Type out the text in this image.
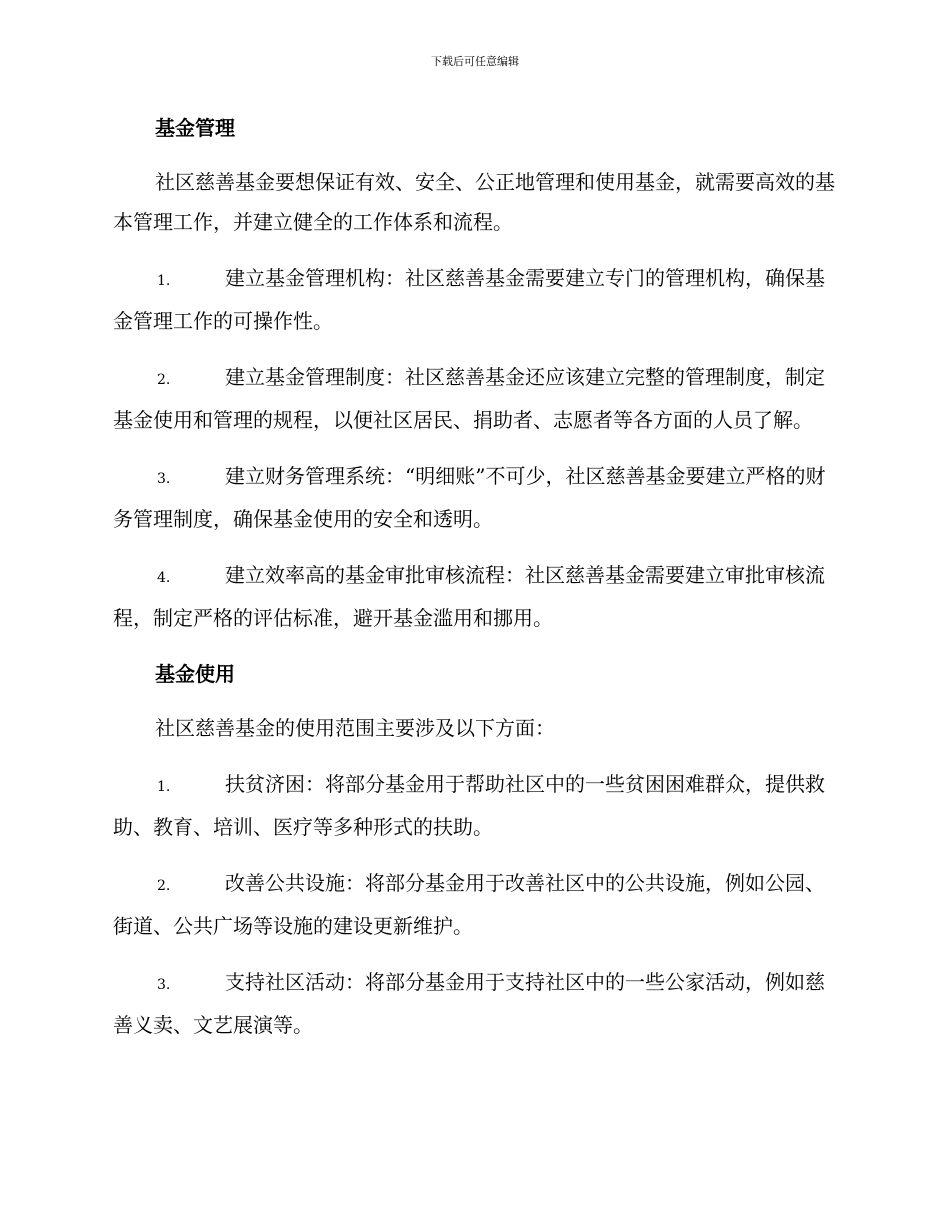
下载后可任意编辑
基金管理

社区慈善基金要想保证有效、安全、公正地管理和使用基金，就需要高效的基本管理工作，并建立健全的工作体系和流程。

1.	建立基金管理机构：社区慈善基金需要建立专门的管理机构，确保基金管理工作的可操作性。

2.	建立基金管理制度：社区慈善基金还应该建立完整的管理制度，制定基金使用和管理的规程，以便社区居民、捐助者、志愿者等各方面的人员了解。

3.	建立财务管理系统：“明细账”不可少，社区慈善基金要建立严格的财务管理制度，确保基金使用的安全和透明。

4.	建立效率高的基金审批审核流程：社区慈善基金需要建立审批审核流程，制定严格的评估标准，避开基金滥用和挪用。

基金使用

社区慈善基金的使用范围主要涉及以下方面：

1.	扶贫济困：将部分基金用于帮助社区中的一些贫困困难群众，提供救助、教育、培训、医疗等多种形式的扶助。

2.	改善公共设施：将部分基金用于改善社区中的公共设施，例如公园、街道、公共广场等设施的建设更新维护。

3.	支持社区活动：将部分基金用于支持社区中的一些公家活动，例如慈善义卖、文艺展演等。
